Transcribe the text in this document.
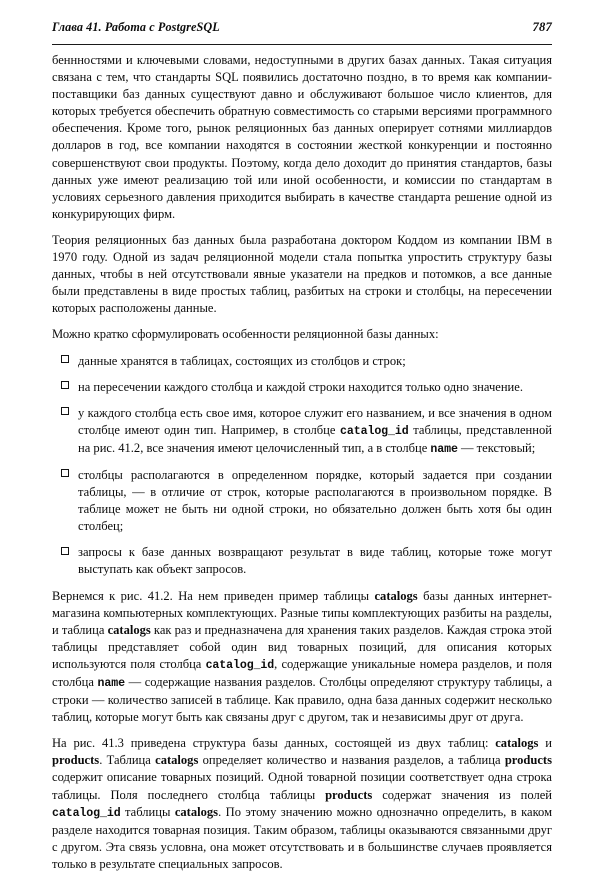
Глава 41. Работа с PostgreSQL	787

беннностями и ключевыми словами, недоступными в других базах данных. Такая ситуация связана с тем, что стандарты SQL появились достаточно поздно, в то время как компании-поставщики баз данных существуют давно и обслуживают большое число клиентов, для которых требуется обеспечить обратную совместимость со старыми версиями программного обеспечения. Кроме того, рынок реляционных баз данных оперирует сотнями миллиардов долларов в год, все компании находятся в состоянии жесткой конкуренции и постоянно совершенствуют свои продукты. Поэтому, когда дело доходит до принятия стандартов, базы данных уже имеют реализацию той или иной особенности, и комиссии по стандартам в условиях серьезного давления приходится выбирать в качестве стандарта решение одной из конкурирующих фирм.

Теория реляционных баз данных была разработана доктором Коддом из компании IBM в 1970 году. Одной из задач реляционной модели стала попытка упростить структуру базы данных, чтобы в ней отсутствовали явные указатели на предков и потомков, а все данные были представлены в виде простых таблиц, разбитых на строки и столбцы, на пересечении которых расположены данные.

Можно кратко сформулировать особенности реляционной базы данных:

данные хранятся в таблицах, состоящих из столбцов и строк;
на пересечении каждого столбца и каждой строки находится только одно значение.
у каждого столбца есть свое имя, которое служит его названием, и все значения в одном столбце имеют один тип. Например, в столбце catalog_id таблицы, представленной на рис. 41.2, все значения имеют целочисленный тип, а в столбце name — текстовый;
столбцы располагаются в определенном порядке, который задается при создании таблицы, — в отличие от строк, которые располагаются в произвольном порядке. В таблице может не быть ни одной строки, но обязательно должен быть хотя бы один столбец;
запросы к базе данных возвращают результат в виде таблиц, которые тоже могут выступать как объект запросов.

Вернемся к рис. 41.2. На нем приведен пример таблицы catalogs базы данных интернет-магазина компьютерных комплектующих. Разные типы комплектующих разбиты на разделы, и таблица catalogs как раз и предназначена для хранения таких разделов. Каждая строка этой таблицы представляет собой один вид товарных позиций, для описания которых используются поля столбца catalog_id, содержащие уникальные номера разделов, и поля столбца name — содержащие названия разделов. Столбцы определяют структуру таблицы, а строки — количество записей в таблице. Как правило, одна база данных содержит несколько таблиц, которые могут быть как связаны друг с другом, так и независимы друг от друга.

На рис. 41.3 приведена структура базы данных, состоящей из двух таблиц: catalogs и products. Таблица catalogs определяет количество и названия разделов, а таблица products содержит описание товарных позиций. Одной товарной позиции соответствует одна строка таблицы. Поля последнего столбца таблицы products содержат значения из полей catalog_id таблицы catalogs. По этому значению можно однозначно определить, в каком разделе находится товарная позиция. Таким образом, таблицы оказываются связанными друг с другом. Эта связь условна, она может отсутствовать и в большинстве случаев проявляется только в результате специальных запросов.
